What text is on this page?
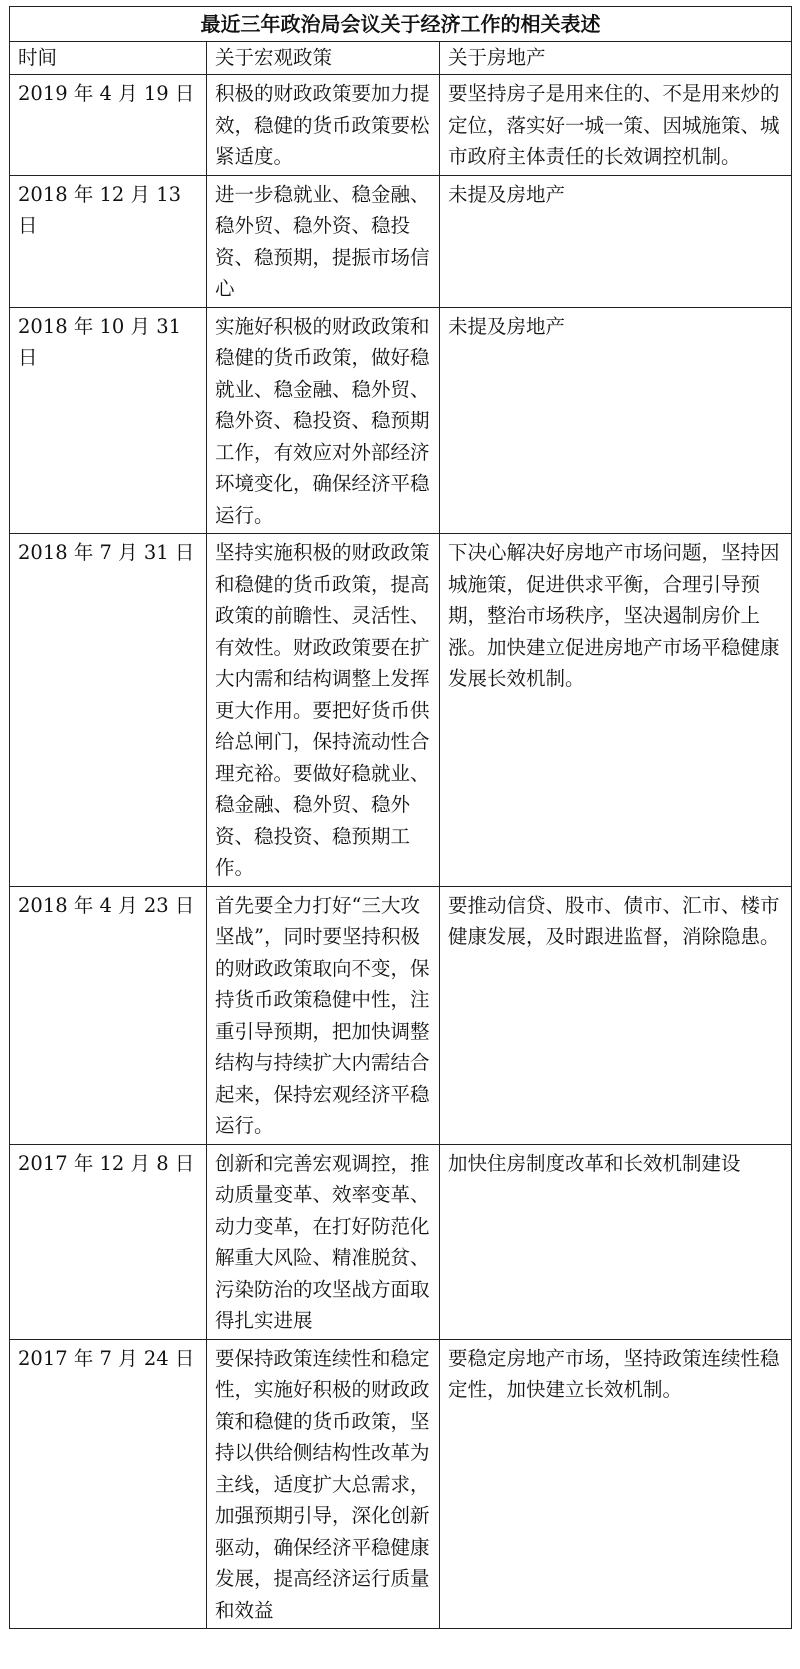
最近三年政治局会议关于经济工作的相关表述		
时间	关于宏观政策	关于房地产
2019 年 4 月 19 日	积极的财政政策要加力提效，稳健的货币政策要松紧适度。	要坚持房子是用来住的、不是用来炒的定位，落实好一城一策、因城施策、城市政府主体责任的长效调控机制。
2018 年 12 月 13 日	进一步稳就业、稳金融、稳外贸、稳外资、稳投资、稳预期，提振市场信心	未提及房地产
2018 年 10 月 31 日	实施好积极的财政政策和稳健的货币政策，做好稳就业、稳金融、稳外贸、稳外资、稳投资、稳预期工作，有效应对外部经济环境变化，确保经济平稳运行。	未提及房地产
2018 年 7 月 31 日	坚持实施积极的财政政策和稳健的货币政策，提高政策的前瞻性、灵活性、有效性。财政政策要在扩大内需和结构调整上发挥更大作用。要把好货币供给总闸门，保持流动性合理充裕。要做好稳就业、稳金融、稳外贸、稳外资、稳投资、稳预期工作。	下决心解决好房地产市场问题，坚持因城施策，促进供求平衡，合理引导预期，整治市场秩序，坚决遏制房价上涨。加快建立促进房地产市场平稳健康发展长效机制。
2018 年 4 月 23 日	首先要全力打好“三大攻坚战”，同时要坚持积极的财政政策取向不变，保持货币政策稳健中性，注重引导预期，把加快调整结构与持续扩大内需结合起来，保持宏观经济平稳运行。	要推动信贷、股市、债市、汇市、楼市健康发展，及时跟进监督，消除隐患。
2017 年 12 月 8 日	创新和完善宏观调控，推动质量变革、效率变革、动力变革，在打好防范化解重大风险、精准脱贫、污染防治的攻坚战方面取得扎实进展	加快住房制度改革和长效机制建设
2017 年 7 月 24 日	要保持政策连续性和稳定性，实施好积极的财政政策和稳健的货币政策，坚持以供给侧结构性改革为主线，适度扩大总需求，加强预期引导，深化创新驱动，确保经济平稳健康发展，提高经济运行质量和效益	要稳定房地产市场，坚持政策连续性稳定性，加快建立长效机制。
